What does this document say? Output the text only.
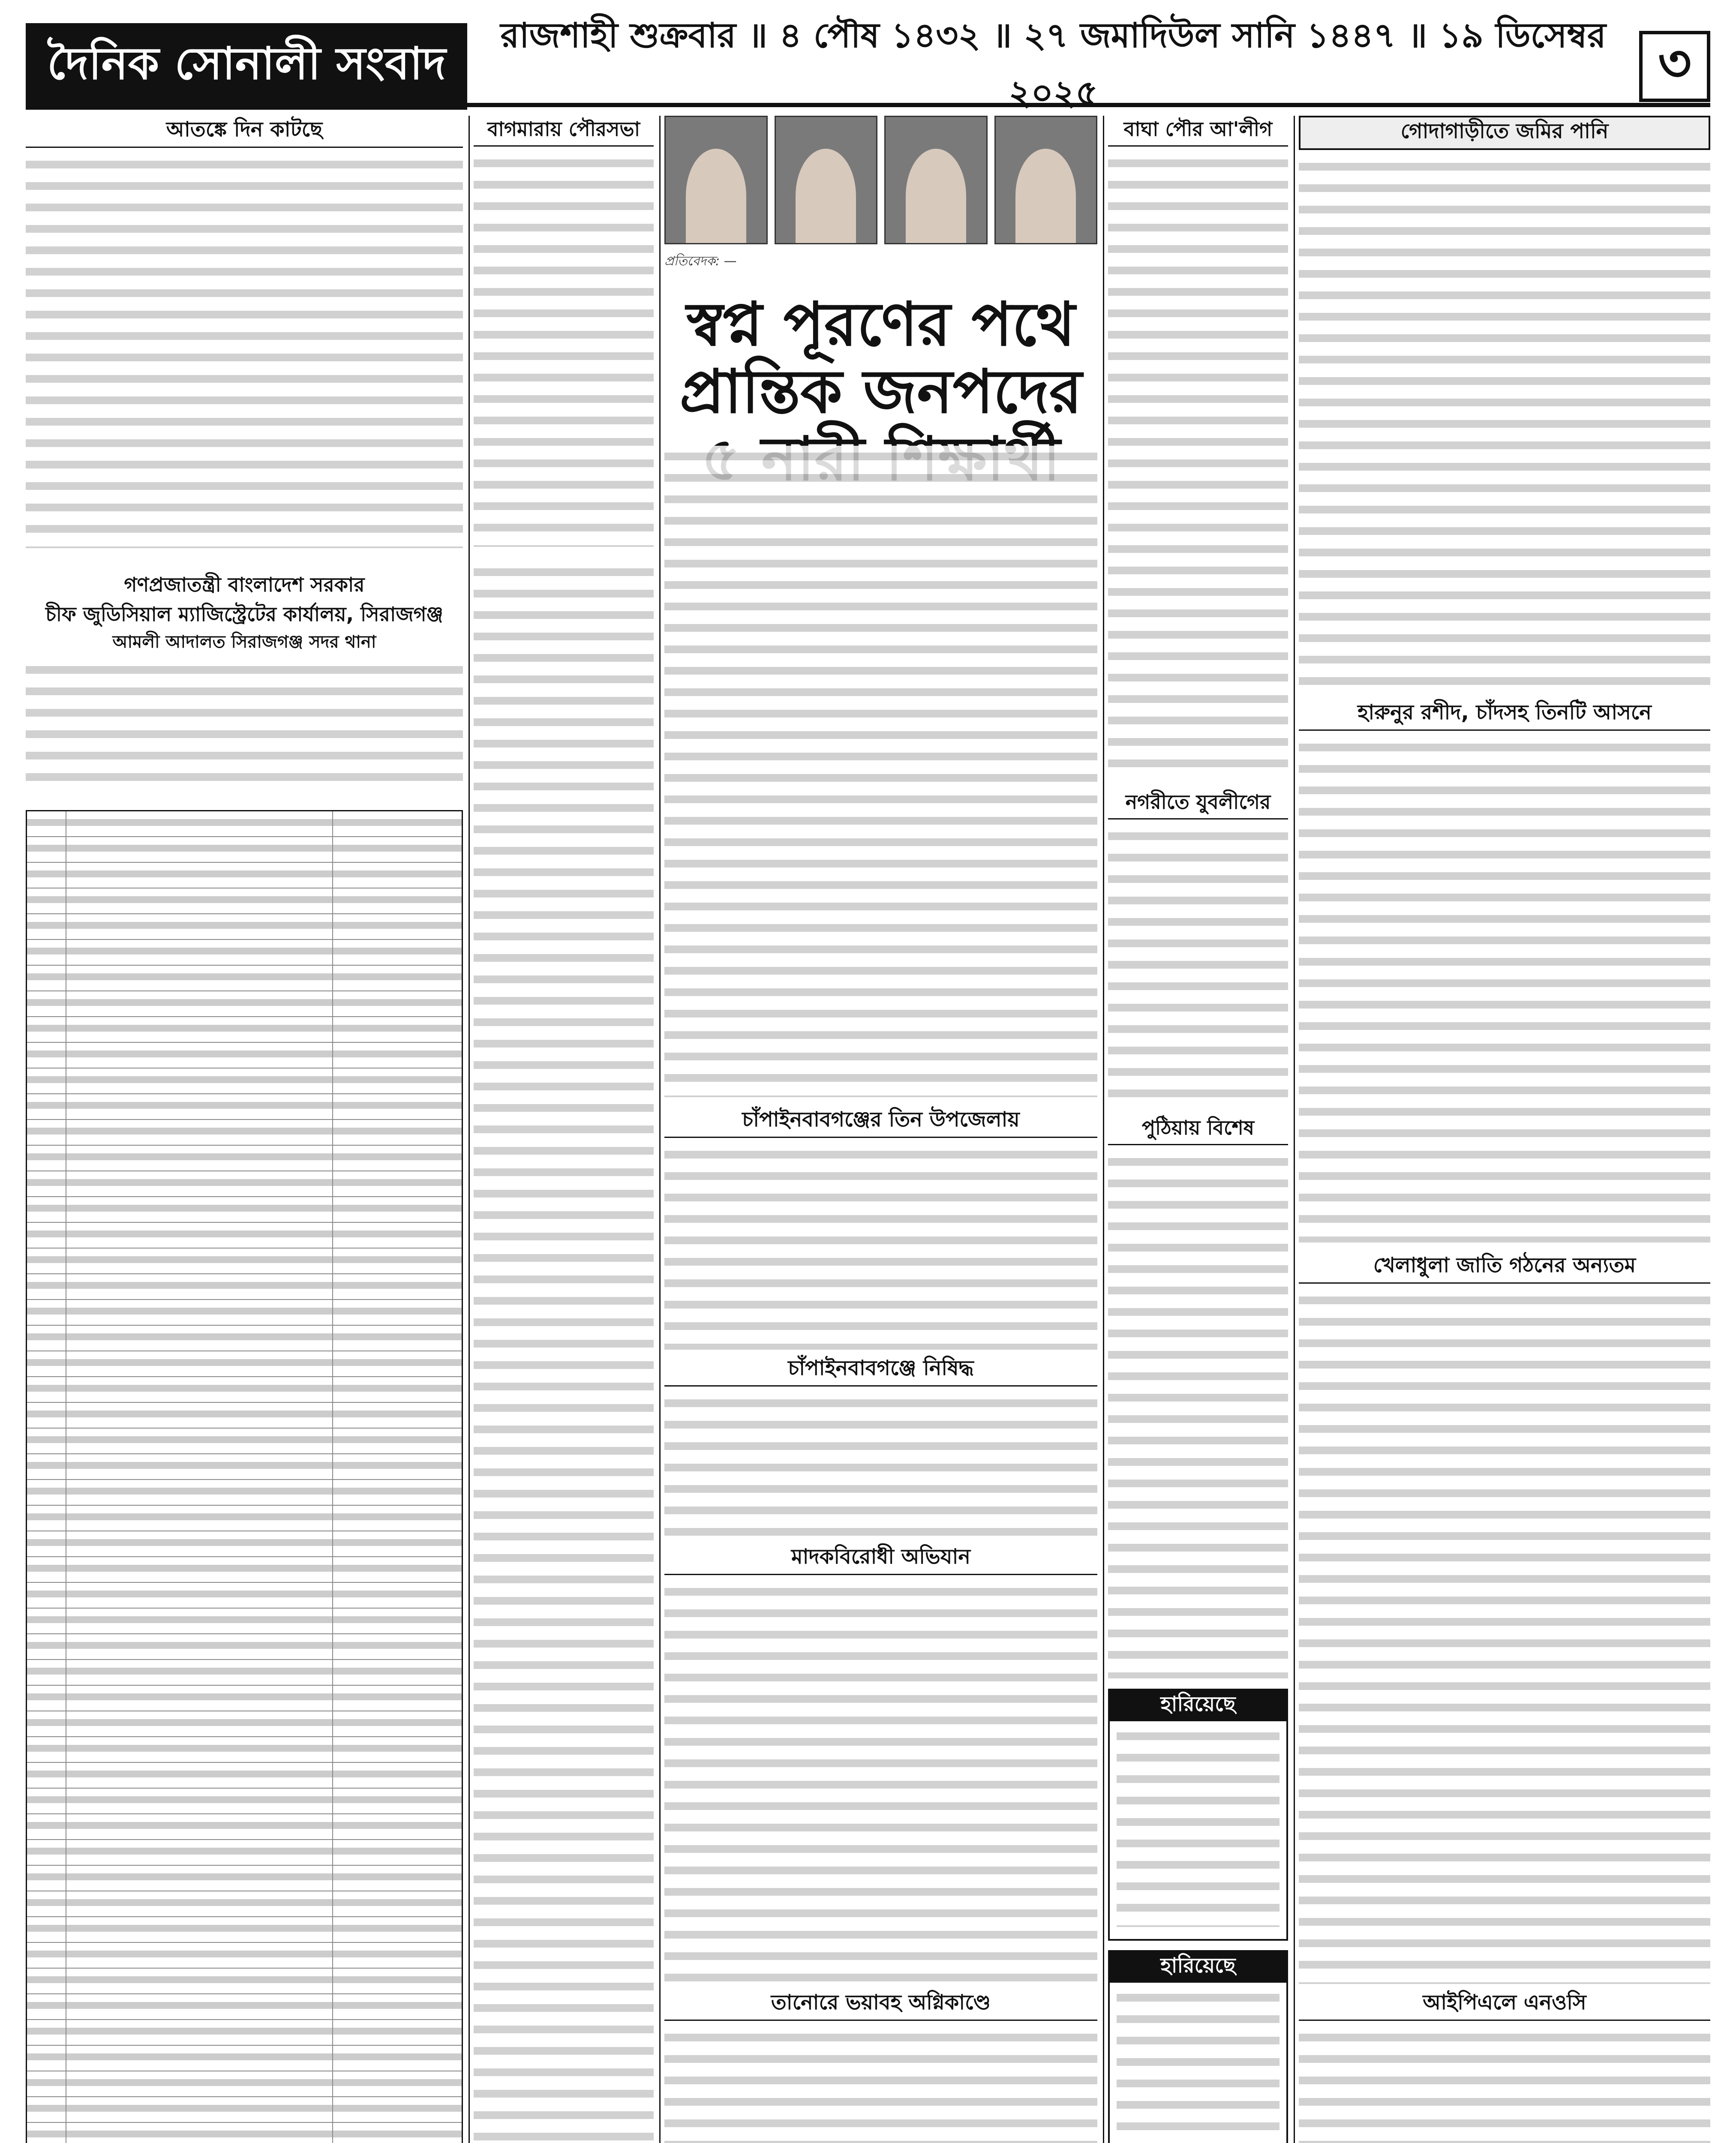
দৈনিক সোনালী সংবাদ
রাজশাহী শুক্রবার ॥ ৪ পৌষ ১৪৩২ ॥ ২৭ জমাদিউল সানি ১৪৪৭ ॥ ১৯ ডিসেম্বর ২০২৫	৩
আতঙ্কে দিন কাটছে
গণপ্রজাতন্ত্রী বাংলাদেশ সরকার
চীফ জুডিসিয়াল ম্যাজিস্ট্রেটের কার্যালয়, সিরাজগঞ্জ
আমলী আদালত সিরাজগঞ্জ সদর থানা
বাগমারায় পৌরসভা
প্রতিবেদক: —
স্বপ্ন পূরণের পথে প্রান্তিক জনপদের
চাঁপাইনবাবগঞ্জের তিন উপজেলায়
চাঁপাইনবাবগঞ্জে নিষিদ্ধ
মাদকবিরোধী অভিযান
তানোরে ভয়াবহ অগ্নিকাণ্ডে
বাঘা পৌর আ'লীগ
নগরীতে যুবলীগের
পুঠিয়ায় বিশেষ
হারিয়েছে
হারিয়েছে
গোদাগাড়ীতে জমির পানি
হারুনুর রশীদ, চাঁদসহ তিনটি আসনে
খেলাধুলা জাতি গঠনের অন্যতম
আইপিএলে এনওসি
